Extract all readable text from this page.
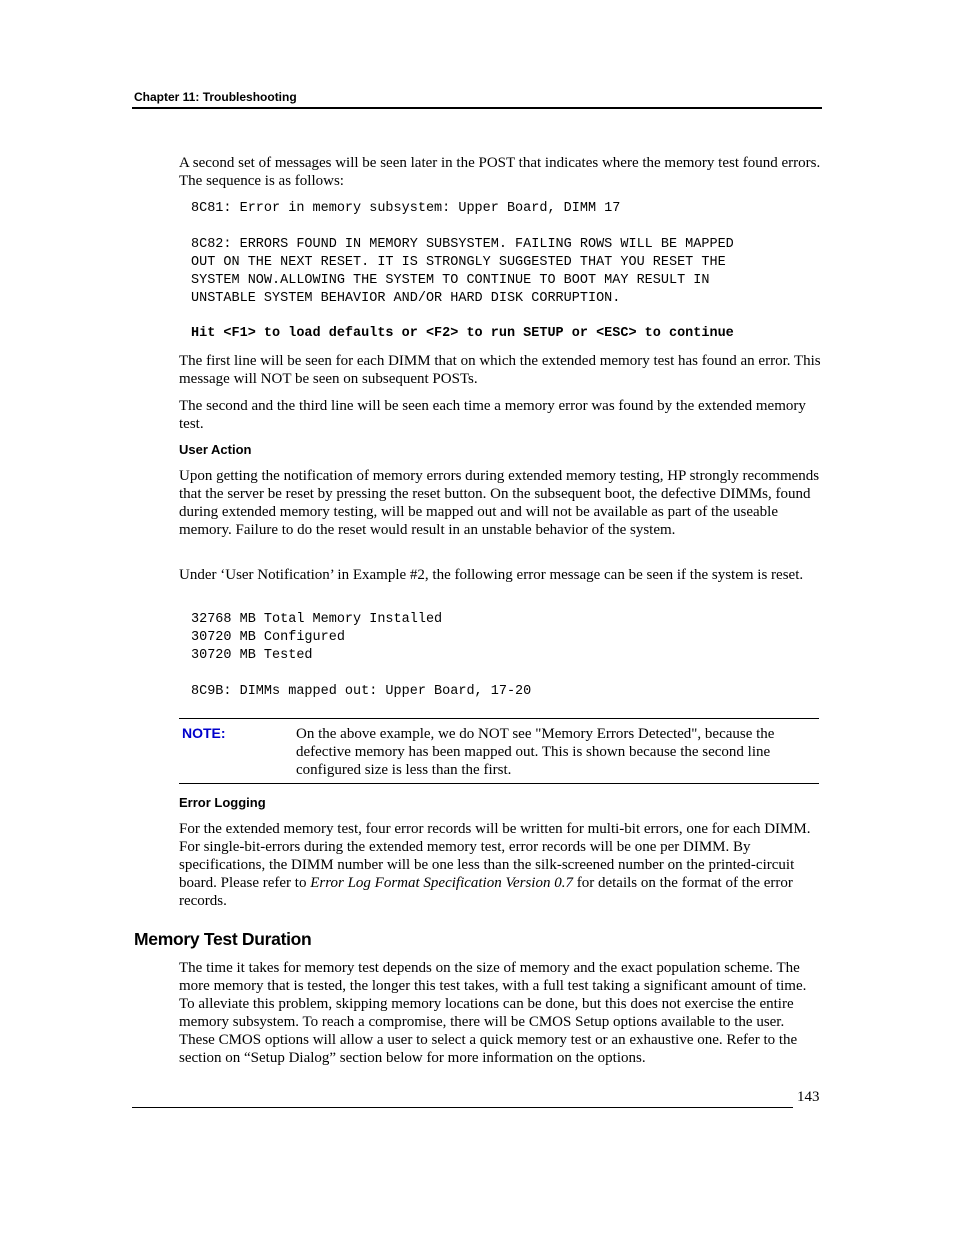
Chapter 11: Troubleshooting

A second set of messages will be seen later in the POST that indicates where the memory test found errors. The sequence is as follows:

8C81: Error in memory subsystem: Upper Board, DIMM 17
8C82: ERRORS FOUND IN MEMORY SUBSYSTEM. FAILING ROWS WILL BE MAPPED
OUT ON THE NEXT RESET. IT IS STRONGLY SUGGESTED THAT YOU RESET THE
SYSTEM NOW.ALLOWING THE SYSTEM TO CONTINUE TO BOOT MAY RESULT IN
UNSTABLE SYSTEM BEHAVIOR AND/OR HARD DISK CORRUPTION.
Hit <F1> to load defaults or <F2> to run SETUP or <ESC> to continue

The first line will be seen for each DIMM that on which the extended memory test has found an error. This message will NOT be seen on subsequent POSTs.

The second and the third line will be seen each time a memory error was found by the extended memory test.

User Action

Upon getting the notification of memory errors during extended memory testing, HP strongly recommends that the server be reset by pressing the reset button. On the subsequent boot, the defective DIMMs, found during extended memory testing, will be mapped out and will not be available as part of the useable memory. Failure to do the reset would result in an unstable behavior of the system.

Under ‘User Notification’ in Example #2, the following error message can be seen if the system is reset.

32768 MB Total Memory Installed
30720 MB Configured
30720 MB Tested
8C9B: DIMMs mapped out: Upper Board, 17-20
NOTE:	On the above example, we do NOT see "Memory Errors Detected", because the defective memory has been mapped out. This is shown because the second line configured size is less than the first.
Error Logging

For the extended memory test, four error records will be written for multi-bit errors, one for each DIMM. For single-bit-errors during the extended memory test, error records will be one per DIMM. By specifications, the DIMM number will be one less than the silk-screened number on the printed-circuit board. Please refer to Error Log Format Specification Version 0.7 for details on the format of the error records.

Memory Test Duration

The time it takes for memory test depends on the size of memory and the exact population scheme. The more memory that is tested, the longer this test takes, with a full test taking a significant amount of time. To alleviate this problem, skipping memory locations can be done, but this does not exercise the entire memory subsystem. To reach a compromise, there will be CMOS Setup options available to the user. These CMOS options will allow a user to select a quick memory test or an exhaustive one. Refer to the section on “Setup Dialog” section below for more information on the options.

143
